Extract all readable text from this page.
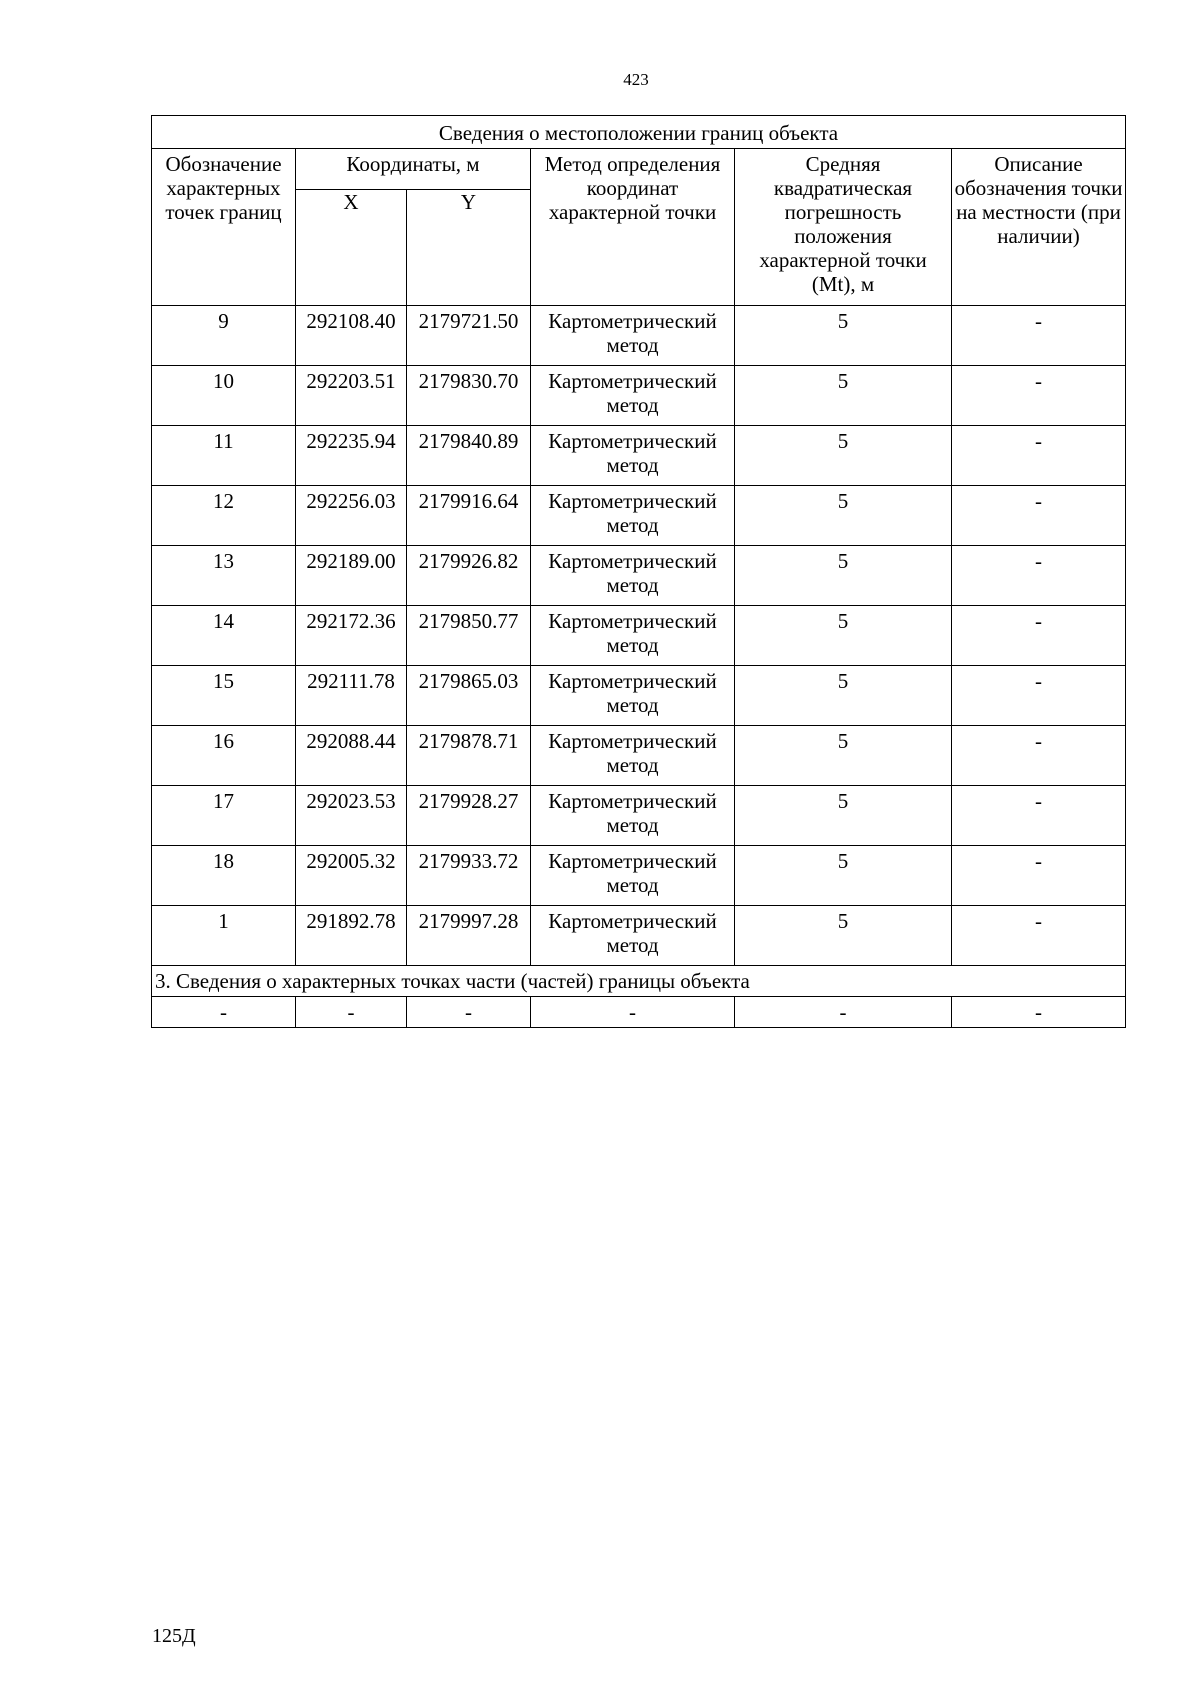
423
Сведения о местоположении границ объекта					
Обозначение характерных точек границ	Координаты, м		Метод определения координат характерной точки	Средняя квадратическая погрешность положения характерной точки (Mt), м	Описание обозначения точки на местности (при наличии)
	X	Y			
9	292108.40	2179721.50	Картометрический метод	5	-
10	292203.51	2179830.70	Картометрический метод	5	-
11	292235.94	2179840.89	Картометрический метод	5	-
12	292256.03	2179916.64	Картометрический метод	5	-
13	292189.00	2179926.82	Картометрический метод	5	-
14	292172.36	2179850.77	Картометрический метод	5	-
15	292111.78	2179865.03	Картометрический метод	5	-
16	292088.44	2179878.71	Картометрический метод	5	-
17	292023.53	2179928.27	Картометрический метод	5	-
18	292005.32	2179933.72	Картометрический метод	5	-
1	291892.78	2179997.28	Картометрический метод	5	-
3. Сведения о характерных точках части (частей) границы объекта					
-	-	-	-	-	-
125Д
